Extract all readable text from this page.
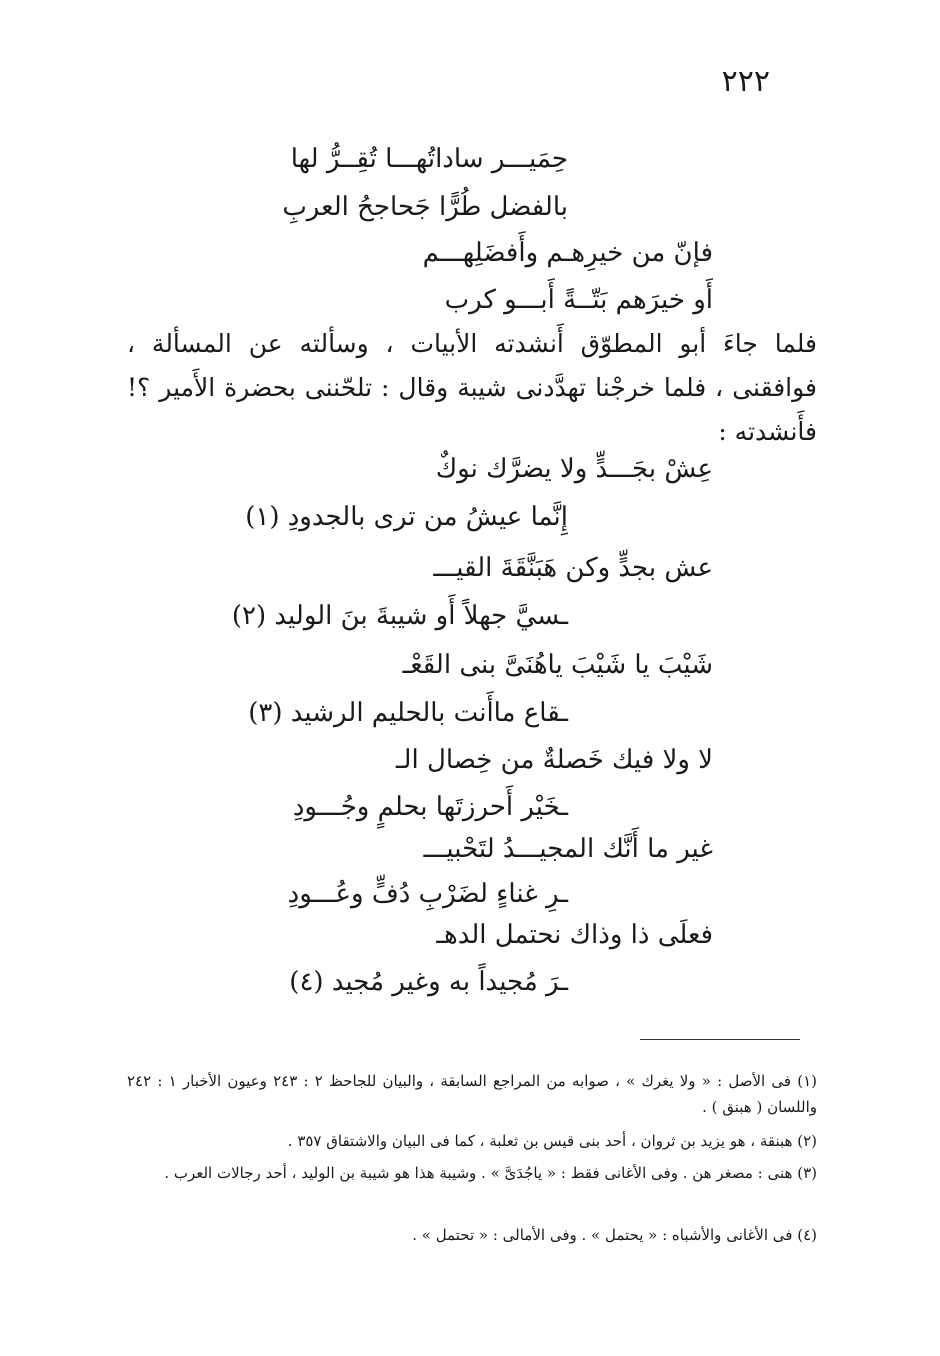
٢٢٢
حِمَيـــر ساداتُهـــا تُقِــرُّ لها
بالفضل طُرًّا جَحاجحُ العربِ
فإنّ من خيرِهـم وأَفضَلِهـــم
أَو خيرَهم بَتّــةً أَبـــو كرب
فلما جاءَ أبو المطوّق أَنشدته الأبيات ، وسألته عن المسألة ، فوافقنى ، فلما خرجْنا تهدَّدنى شيبة وقال : تلحّننى بحضرة الأَمير ؟! فأَنشدته :
عِشْ بجَـــدٍّ ولا يضرَّك نوكٌ
إِنَّما عيشُ من ترى بالجدودِ (١)
عش بجدٍّ وكن هَبَنَّقَةَ القيـــ
ـسيَّ جهلاً أَو شيبةَ بنَ الوليد (٢)
شَيْبَ يا شَيْبَ ياهُنَىَّ بنى القَعْـ
ـقاع ماأَنت بالحليم الرشيد (٣)
لا ولا فيك خَصلةٌ من خِصال الـ
ـخَيْر أَحرزتَها بحلمٍ وجُـــودِ
غير ما أَنَّك المجيـــدُ لتَحْبيـــ
ـرِ غناءٍ لضَرْبِ دُفٍّ وعُـــودِ
فعلَى ذا وذاك نحتمل الدهـ
ـرَ مُجيداً به وغير مُجيد (٤)
(١) فى الأصل : « ولا يغرك » ، صوابه من المراجع السابقة ، والبيان للجاحظ ٢ : ٢٤٣ وعيون الأخبار ١ : ٢٤٢ واللسان ( هبنق ) .
(٢) هبنقة ، هو يزيد بن ثروان ، أحد بنى قيس بن ثعلبة ، كما فى البيان والاشتقاق ٣٥٧ .
(٣) هنى : مصغر هن . وفى الأغانى فقط : « ياجُدَىَّ » . وشيبة هذا هو شيبة بن الوليد ، أحد رجالات العرب .
(٤) فى الأغانى والأشباه : « يحتمل » . وفى الأمالى : « تحتمل » .
